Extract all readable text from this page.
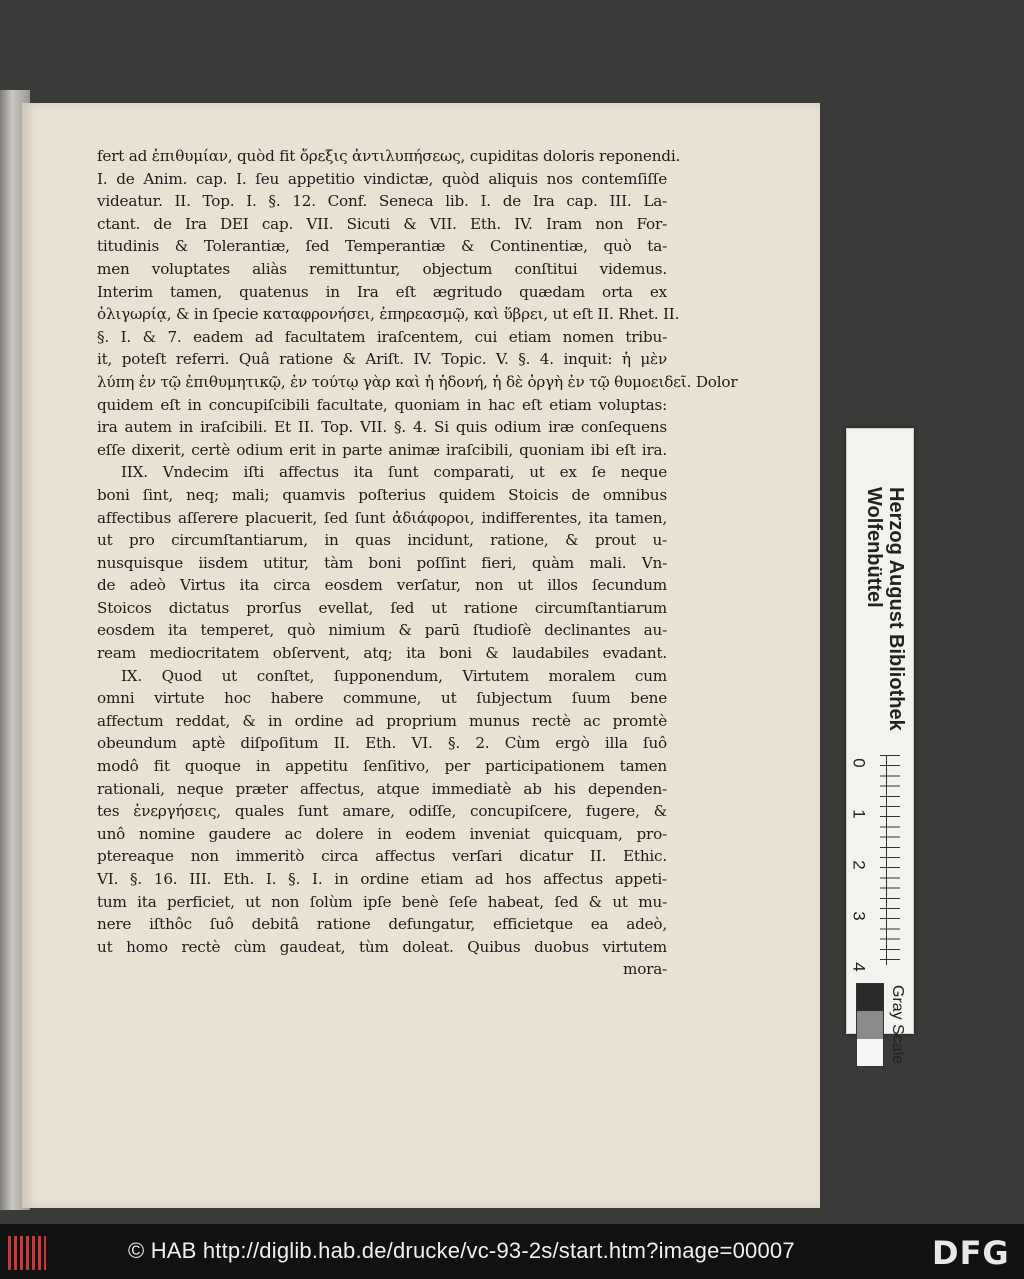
fert ad ἐπιθυμίαν, quòd fit ὄρεξις ἀντιλυπήσεως, cupiditas doloris reponendi.
I. de Anim. cap. I. ſeu appetitio vindictæ, quòd aliquis nos contemſiſſe
videatur. II. Top. I. §. 12. Conf. Seneca lib. I. de Ira cap. III. La-
ctant. de Ira DEI cap. VII. Sicuti & VII. Eth. IV. Iram non For-
titudinis & Tolerantiæ, ſed Temperantiæ & Continentiæ, quò ta-
men voluptates aliàs remittuntur, objectum conſtitui videmus.
Interim tamen, quatenus in Ira eſt ægritudo quædam orta ex
ὀλιγωρίᾳ, & in ſpecie καταφρονήσει, ἐπηρεασμῷ, καὶ ὕβρει, ut eſt II. Rhet. II.
§. I. & 7. eadem ad facultatem iraſcentem, cui etiam nomen tribu-
it, poteſt referri. Quâ ratione & Ariſt. IV. Topic. V. §. 4. inquit: ἡ μὲν
λύπη ἐν τῷ ἐπιθυμητικῷ, ἐν τούτῳ γὰρ καὶ ἡ ἡδονή, ἡ δὲ ὀργὴ ἐν τῷ θυμοειδεῖ. Dolor
quidem eſt in concupiſcibili facultate, quoniam in hac eſt etiam voluptas:
ira autem in iraſcibili. Et II. Top. VII. §. 4. Si quis odium iræ conſequens
eſſe dixerit, certè odium erit in parte animæ iraſcibili, quoniam ibi eſt ira.
IIX. Vndecim iſti affectus ita ſunt comparati, ut ex ſe neque
boni ſint, neq; mali; quamvis poſterius quidem Stoicis de omnibus
affectibus aſſerere placuerit, ſed ſunt ἀδιάφοροι, indifferentes, ita tamen,
ut pro circumſtantiarum, in quas incidunt, ratione, & prout u-
nusquisque iisdem utitur, tàm boni poſſint fieri, quàm mali. Vn-
de adeò Virtus ita circa eosdem verſatur, non ut illos ſecundum
Stoicos dictatus prorſus evellat, ſed ut ratione circumſtantiarum
eosdem ita temperet, quò nimium & parū ſtudioſè declinantes au-
ream mediocritatem obſervent, atq; ita boni & laudabiles evadant.
IX. Quod ut conſtet, ſupponendum, Virtutem moralem cum
omni virtute hoc habere commune, ut ſubjectum ſuum bene
affectum reddat, & in ordine ad proprium munus rectè ac promtè
obeundum aptè diſpoſitum II. Eth. VI. §. 2. Cùm ergò illa ſuô
modô fit quoque in appetitu ſenſitivo, per participationem tamen
rationali, neque præter affectus, atque immediatè ab his dependen-
tes ἐνεργήσεις, quales ſunt amare, odiſſe, concupiſcere, fugere, &
unô nomine gaudere ac dolere in eodem inveniat quicquam, pro-
ptereaque non immeritò circa affectus verſari dicatur II. Ethic.
VI. §. 16. III. Eth. I. §. I. in ordine etiam ad hos affectus appeti-
tum ita perficiet, ut non ſolùm ipſe benè ſeſe habeat, ſed & ut mu-
nere iſthôc ſuô debitâ ratione defungatur, efficietque ea adeò,
ut homo rectè cùm gaudeat, tùm doleat. Quibus duobus virtutem
mora-
Herzog August Bibliothek
Wolfenbüttel
0
1
2
3
4
Gray Scale
© HAB http://diglib.hab.de/drucke/vc-93-2s/start.htm?image=00007	DFG
